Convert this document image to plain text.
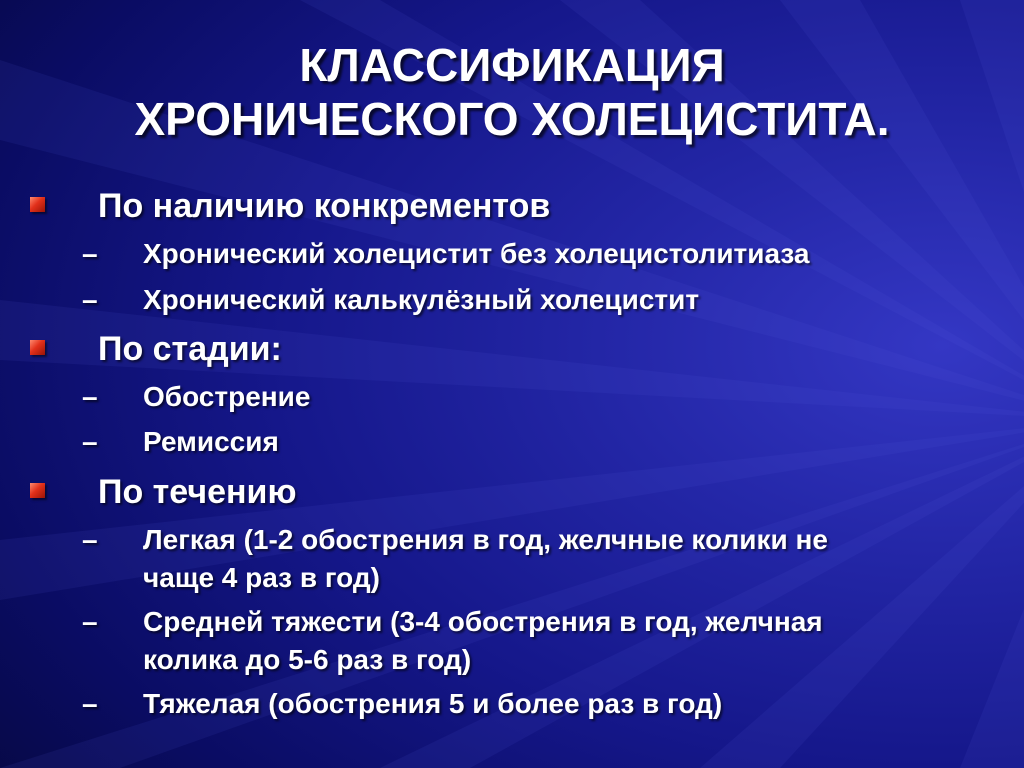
КЛАССИФИКАЦИЯ
ХРОНИЧЕСКОГО ХОЛЕЦИСТИТА.
По наличию конкрементов
– Хронический холецистит без холецистолитиаза
– Хронический калькулёзный холецистит
По стадии:
– Обострение
– Ремиссия
По течению
– Легкая (1-2 обострения в год, желчные колики не
чаще 4 раз в год)
– Средней тяжести (3-4 обострения в год, желчная
колика до 5-6 раз в год)
– Тяжелая (обострения 5 и более раз в год)
